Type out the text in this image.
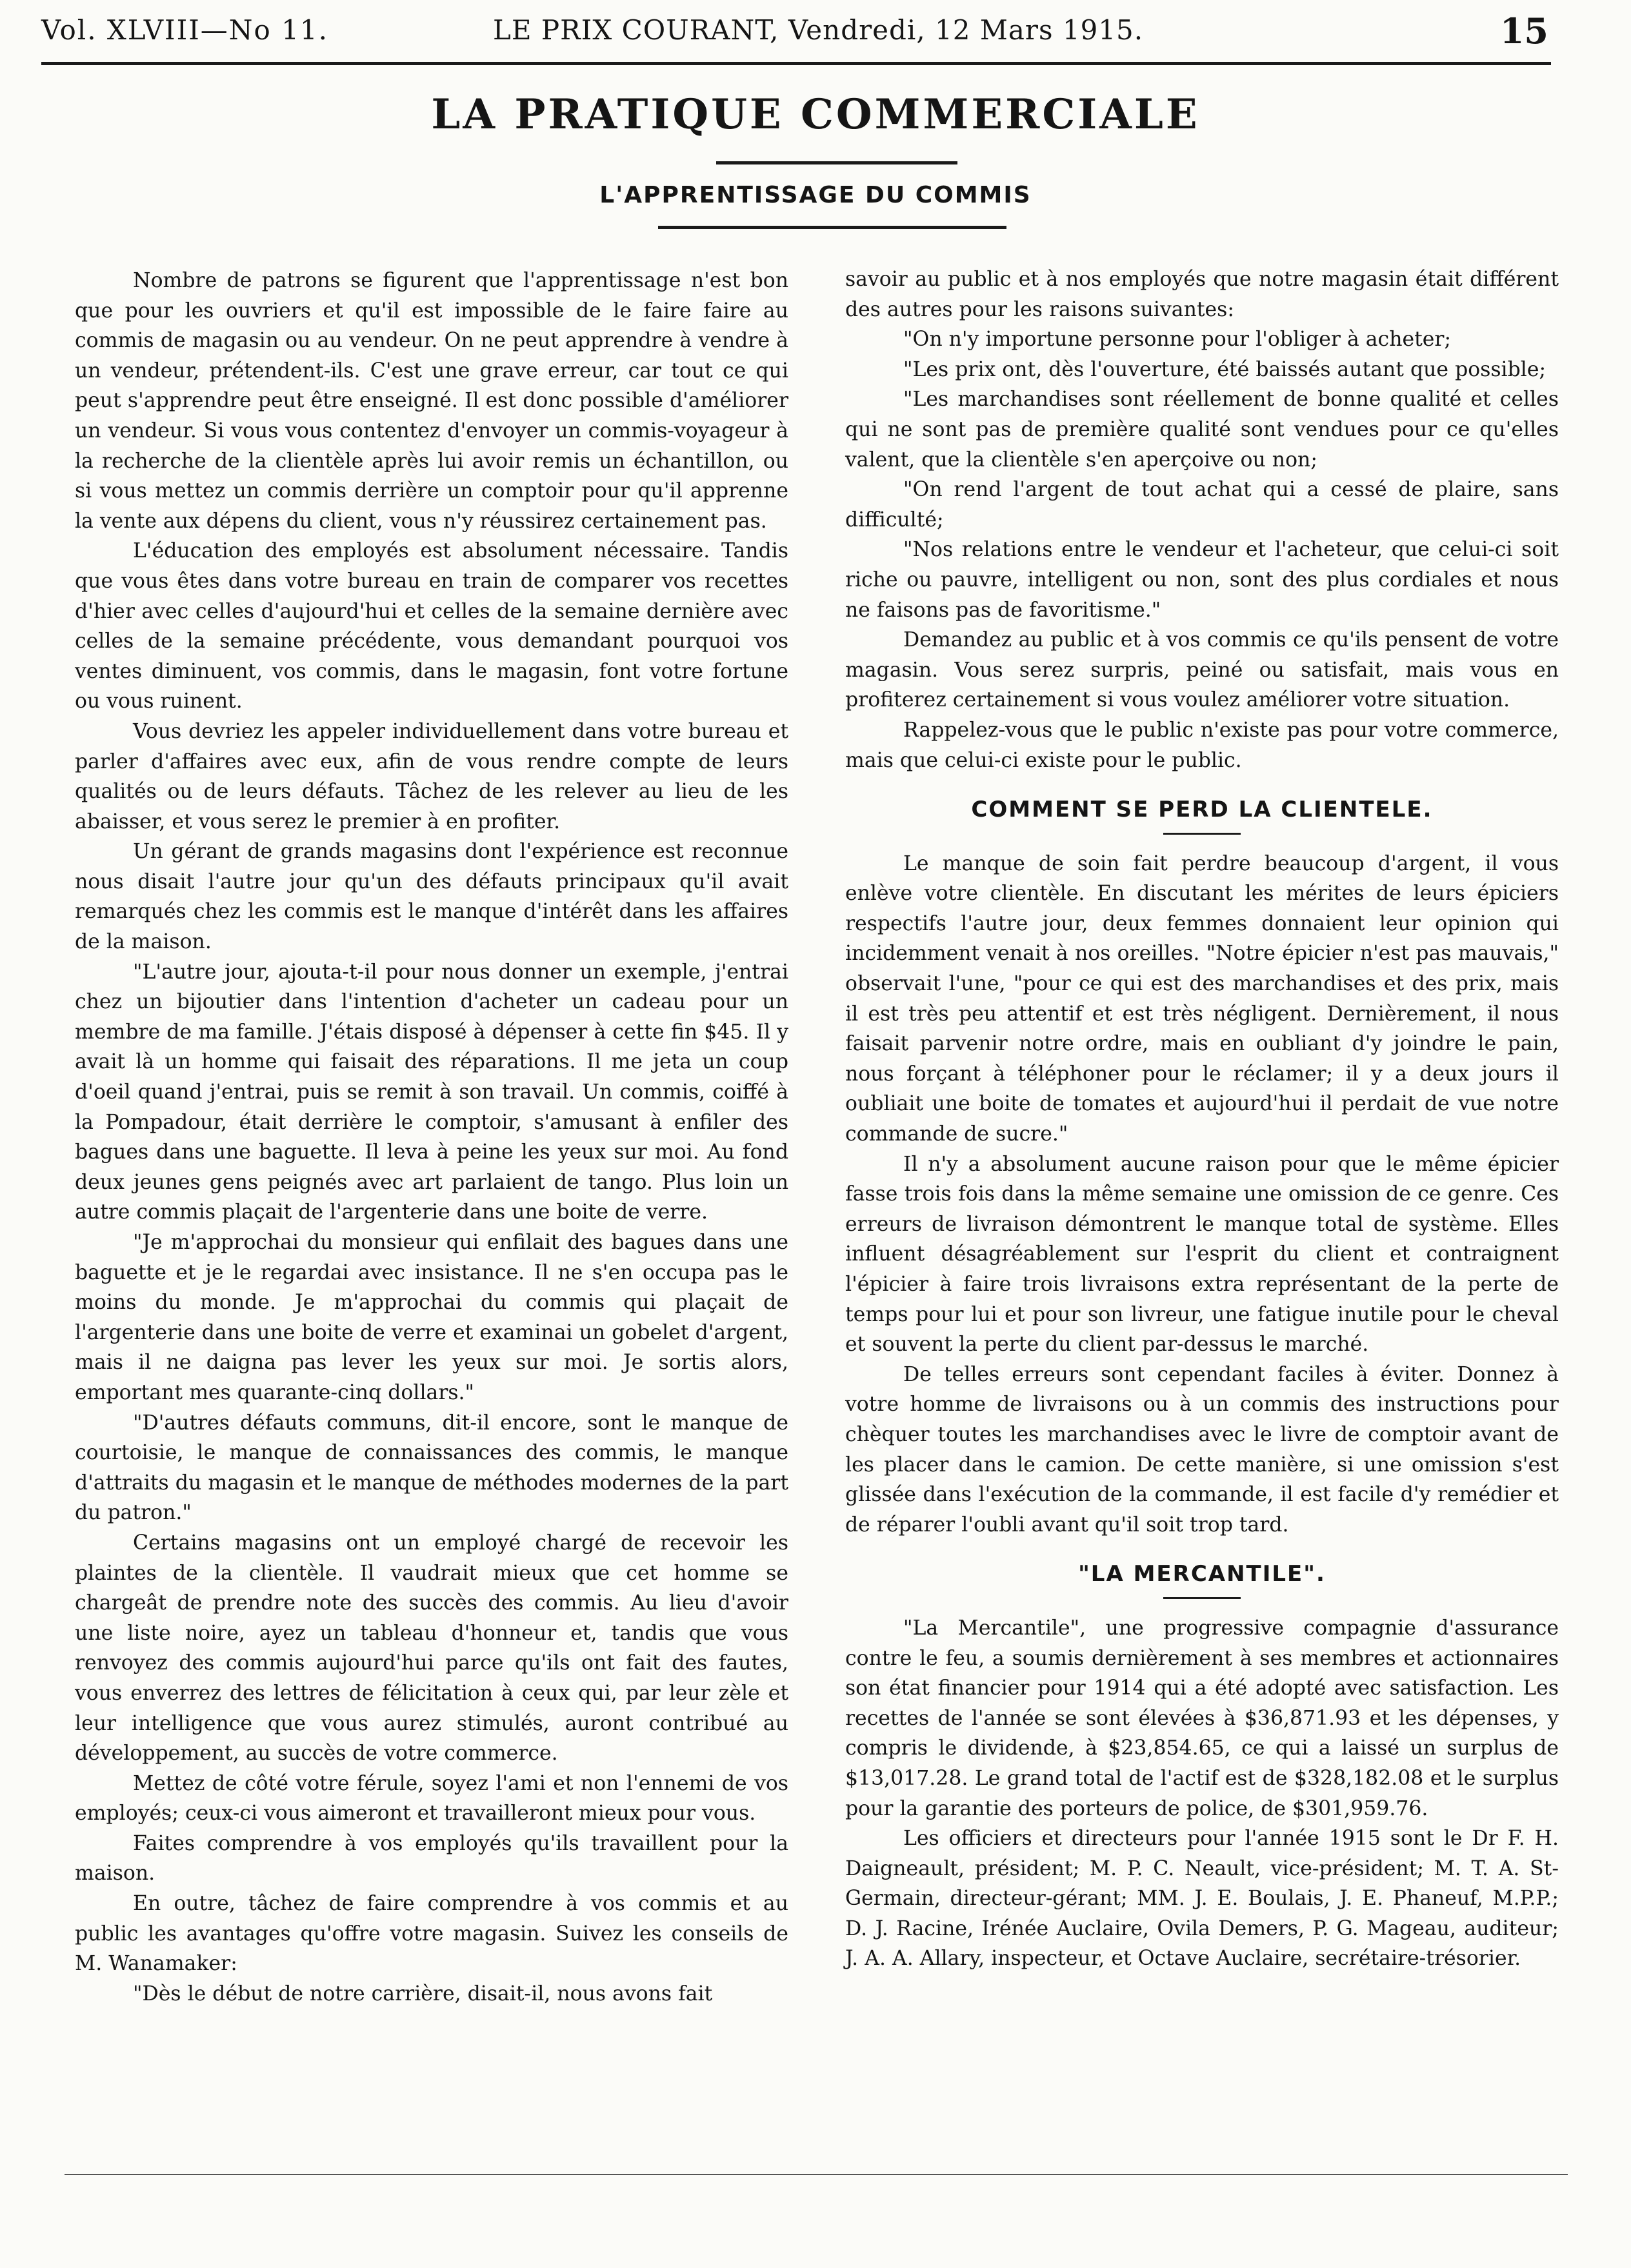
Vol. XLVIII—No 11.	LE PRIX COURANT, Vendredi, 12 Mars 1915.	15
LA PRATIQUE COMMERCIALE
L'APPRENTISSAGE DU COMMIS

Nombre de patrons se figurent que l'apprentissage n'est bon que pour les ouvriers et qu'il est impossible de le faire faire au commis de magasin ou au vendeur. On ne peut apprendre à vendre à un vendeur, prétendent-ils. C'est une grave erreur, car tout ce qui peut s'apprendre peut être enseigné. Il est donc possible d'améliorer un vendeur. Si vous vous contentez d'envoyer un commis-voyageur à la recherche de la clientèle après lui avoir remis un échantillon, ou si vous mettez un commis derrière un comptoir pour qu'il apprenne la vente aux dépens du client, vous n'y réussirez certainement pas.

L'éducation des employés est absolument nécessaire. Tandis que vous êtes dans votre bureau en train de comparer vos recettes d'hier avec celles d'aujourd'hui et celles de la semaine dernière avec celles de la semaine précédente, vous demandant pourquoi vos ventes diminuent, vos commis, dans le magasin, font votre fortune ou vous ruinent.

Vous devriez les appeler individuellement dans votre bureau et parler d'affaires avec eux, afin de vous rendre compte de leurs qualités ou de leurs défauts. Tâchez de les relever au lieu de les abaisser, et vous serez le premier à en profiter.

Un gérant de grands magasins dont l'expérience est reconnue nous disait l'autre jour qu'un des défauts principaux qu'il avait remarqués chez les commis est le manque d'intérêt dans les affaires de la maison.

"L'autre jour, ajouta-t-il pour nous donner un exemple, j'entrai chez un bijoutier dans l'intention d'acheter un cadeau pour un membre de ma famille. J'étais disposé à dépenser à cette fin $45. Il y avait là un homme qui faisait des réparations. Il me jeta un coup d'oeil quand j'entrai, puis se remit à son travail. Un commis, coiffé à la Pompadour, était derrière le comptoir, s'amusant à enfiler des bagues dans une baguette. Il leva à peine les yeux sur moi. Au fond deux jeunes gens peignés avec art parlaient de tango. Plus loin un autre commis plaçait de l'argenterie dans une boite de verre.

"Je m'approchai du monsieur qui enfilait des bagues dans une baguette et je le regardai avec insistance. Il ne s'en occupa pas le moins du monde. Je m'approchai du commis qui plaçait de l'argenterie dans une boite de verre et examinai un gobelet d'argent, mais il ne daigna pas lever les yeux sur moi. Je sortis alors, emportant mes quarante-cinq dollars."

"D'autres défauts communs, dit-il encore, sont le manque de courtoisie, le manque de connaissances des commis, le manque d'attraits du magasin et le manque de méthodes modernes de la part du patron."

Certains magasins ont un employé chargé de recevoir les plaintes de la clientèle. Il vaudrait mieux que cet homme se chargeât de prendre note des succès des commis. Au lieu d'avoir une liste noire, ayez un tableau d'honneur et, tandis que vous renvoyez des commis aujourd'hui parce qu'ils ont fait des fautes, vous enverrez des lettres de félicitation à ceux qui, par leur zèle et leur intelligence que vous aurez stimulés, auront contribué au développement, au succès de votre commerce.

Mettez de côté votre férule, soyez l'ami et non l'ennemi de vos employés; ceux-ci vous aimeront et travailleront mieux pour vous.

Faites comprendre à vos employés qu'ils travaillent pour la maison.

En outre, tâchez de faire comprendre à vos commis et au public les avantages qu'offre votre magasin. Suivez les conseils de M. Wanamaker:

"Dès le début de notre carrière, disait-il, nous avons fait

savoir au public et à nos employés que notre magasin était différent des autres pour les raisons suivantes:

"On n'y importune personne pour l'obliger à acheter;

"Les prix ont, dès l'ouverture, été baissés autant que possible;

"Les marchandises sont réellement de bonne qualité et celles qui ne sont pas de première qualité sont vendues pour ce qu'elles valent, que la clientèle s'en aperçoive ou non;

"On rend l'argent de tout achat qui a cessé de plaire, sans difficulté;

"Nos relations entre le vendeur et l'acheteur, que celui-ci soit riche ou pauvre, intelligent ou non, sont des plus cordiales et nous ne faisons pas de favoritisme."

Demandez au public et à vos commis ce qu'ils pensent de votre magasin. Vous serez surpris, peiné ou satisfait, mais vous en profiterez certainement si vous voulez améliorer votre situation.

Rappelez-vous que le public n'existe pas pour votre commerce, mais que celui-ci existe pour le public.

COMMENT SE PERD LA CLIENTELE.

Le manque de soin fait perdre beaucoup d'argent, il vous enlève votre clientèle. En discutant les mérites de leurs épiciers respectifs l'autre jour, deux femmes donnaient leur opinion qui incidemment venait à nos oreilles. "Notre épicier n'est pas mauvais," observait l'une, "pour ce qui est des marchandises et des prix, mais il est très peu attentif et est très négligent. Dernièrement, il nous faisait parvenir notre ordre, mais en oubliant d'y joindre le pain, nous forçant à téléphoner pour le réclamer; il y a deux jours il oubliait une boite de tomates et aujourd'hui il perdait de vue notre commande de sucre."

Il n'y a absolument aucune raison pour que le même épicier fasse trois fois dans la même semaine une omission de ce genre. Ces erreurs de livraison démontrent le manque total de système. Elles influent désagréablement sur l'esprit du client et contraignent l'épicier à faire trois livraisons extra représentant de la perte de temps pour lui et pour son livreur, une fatigue inutile pour le cheval et souvent la perte du client par-dessus le marché.

De telles erreurs sont cependant faciles à éviter. Donnez à votre homme de livraisons ou à un commis des instructions pour chèquer toutes les marchandises avec le livre de comptoir avant de les placer dans le camion. De cette manière, si une omission s'est glissée dans l'exécution de la commande, il est facile d'y remédier et de réparer l'oubli avant qu'il soit trop tard.

"LA MERCANTILE".

"La Mercantile", une progressive compagnie d'assurance contre le feu, a soumis dernièrement à ses membres et actionnaires son état financier pour 1914 qui a été adopté avec satisfaction. Les recettes de l'année se sont élevées à $36,871.93 et les dépenses, y compris le dividende, à $23,854.65, ce qui a laissé un surplus de $13,017.28. Le grand total de l'actif est de $328,182.08 et le surplus pour la garantie des porteurs de police, de $301,959.76.

Les officiers et directeurs pour l'année 1915 sont le Dr F. H. Daigneault, président; M. P. C. Neault, vice-président; M. T. A. St-Germain, directeur-gérant; MM. J. E. Boulais, J. E. Phaneuf, M.P.P.; D. J. Racine, Irénée Auclaire, Ovila Demers, P. G. Mageau, auditeur; J. A. A. Allary, inspecteur, et Octave Auclaire, secrétaire-trésorier.
